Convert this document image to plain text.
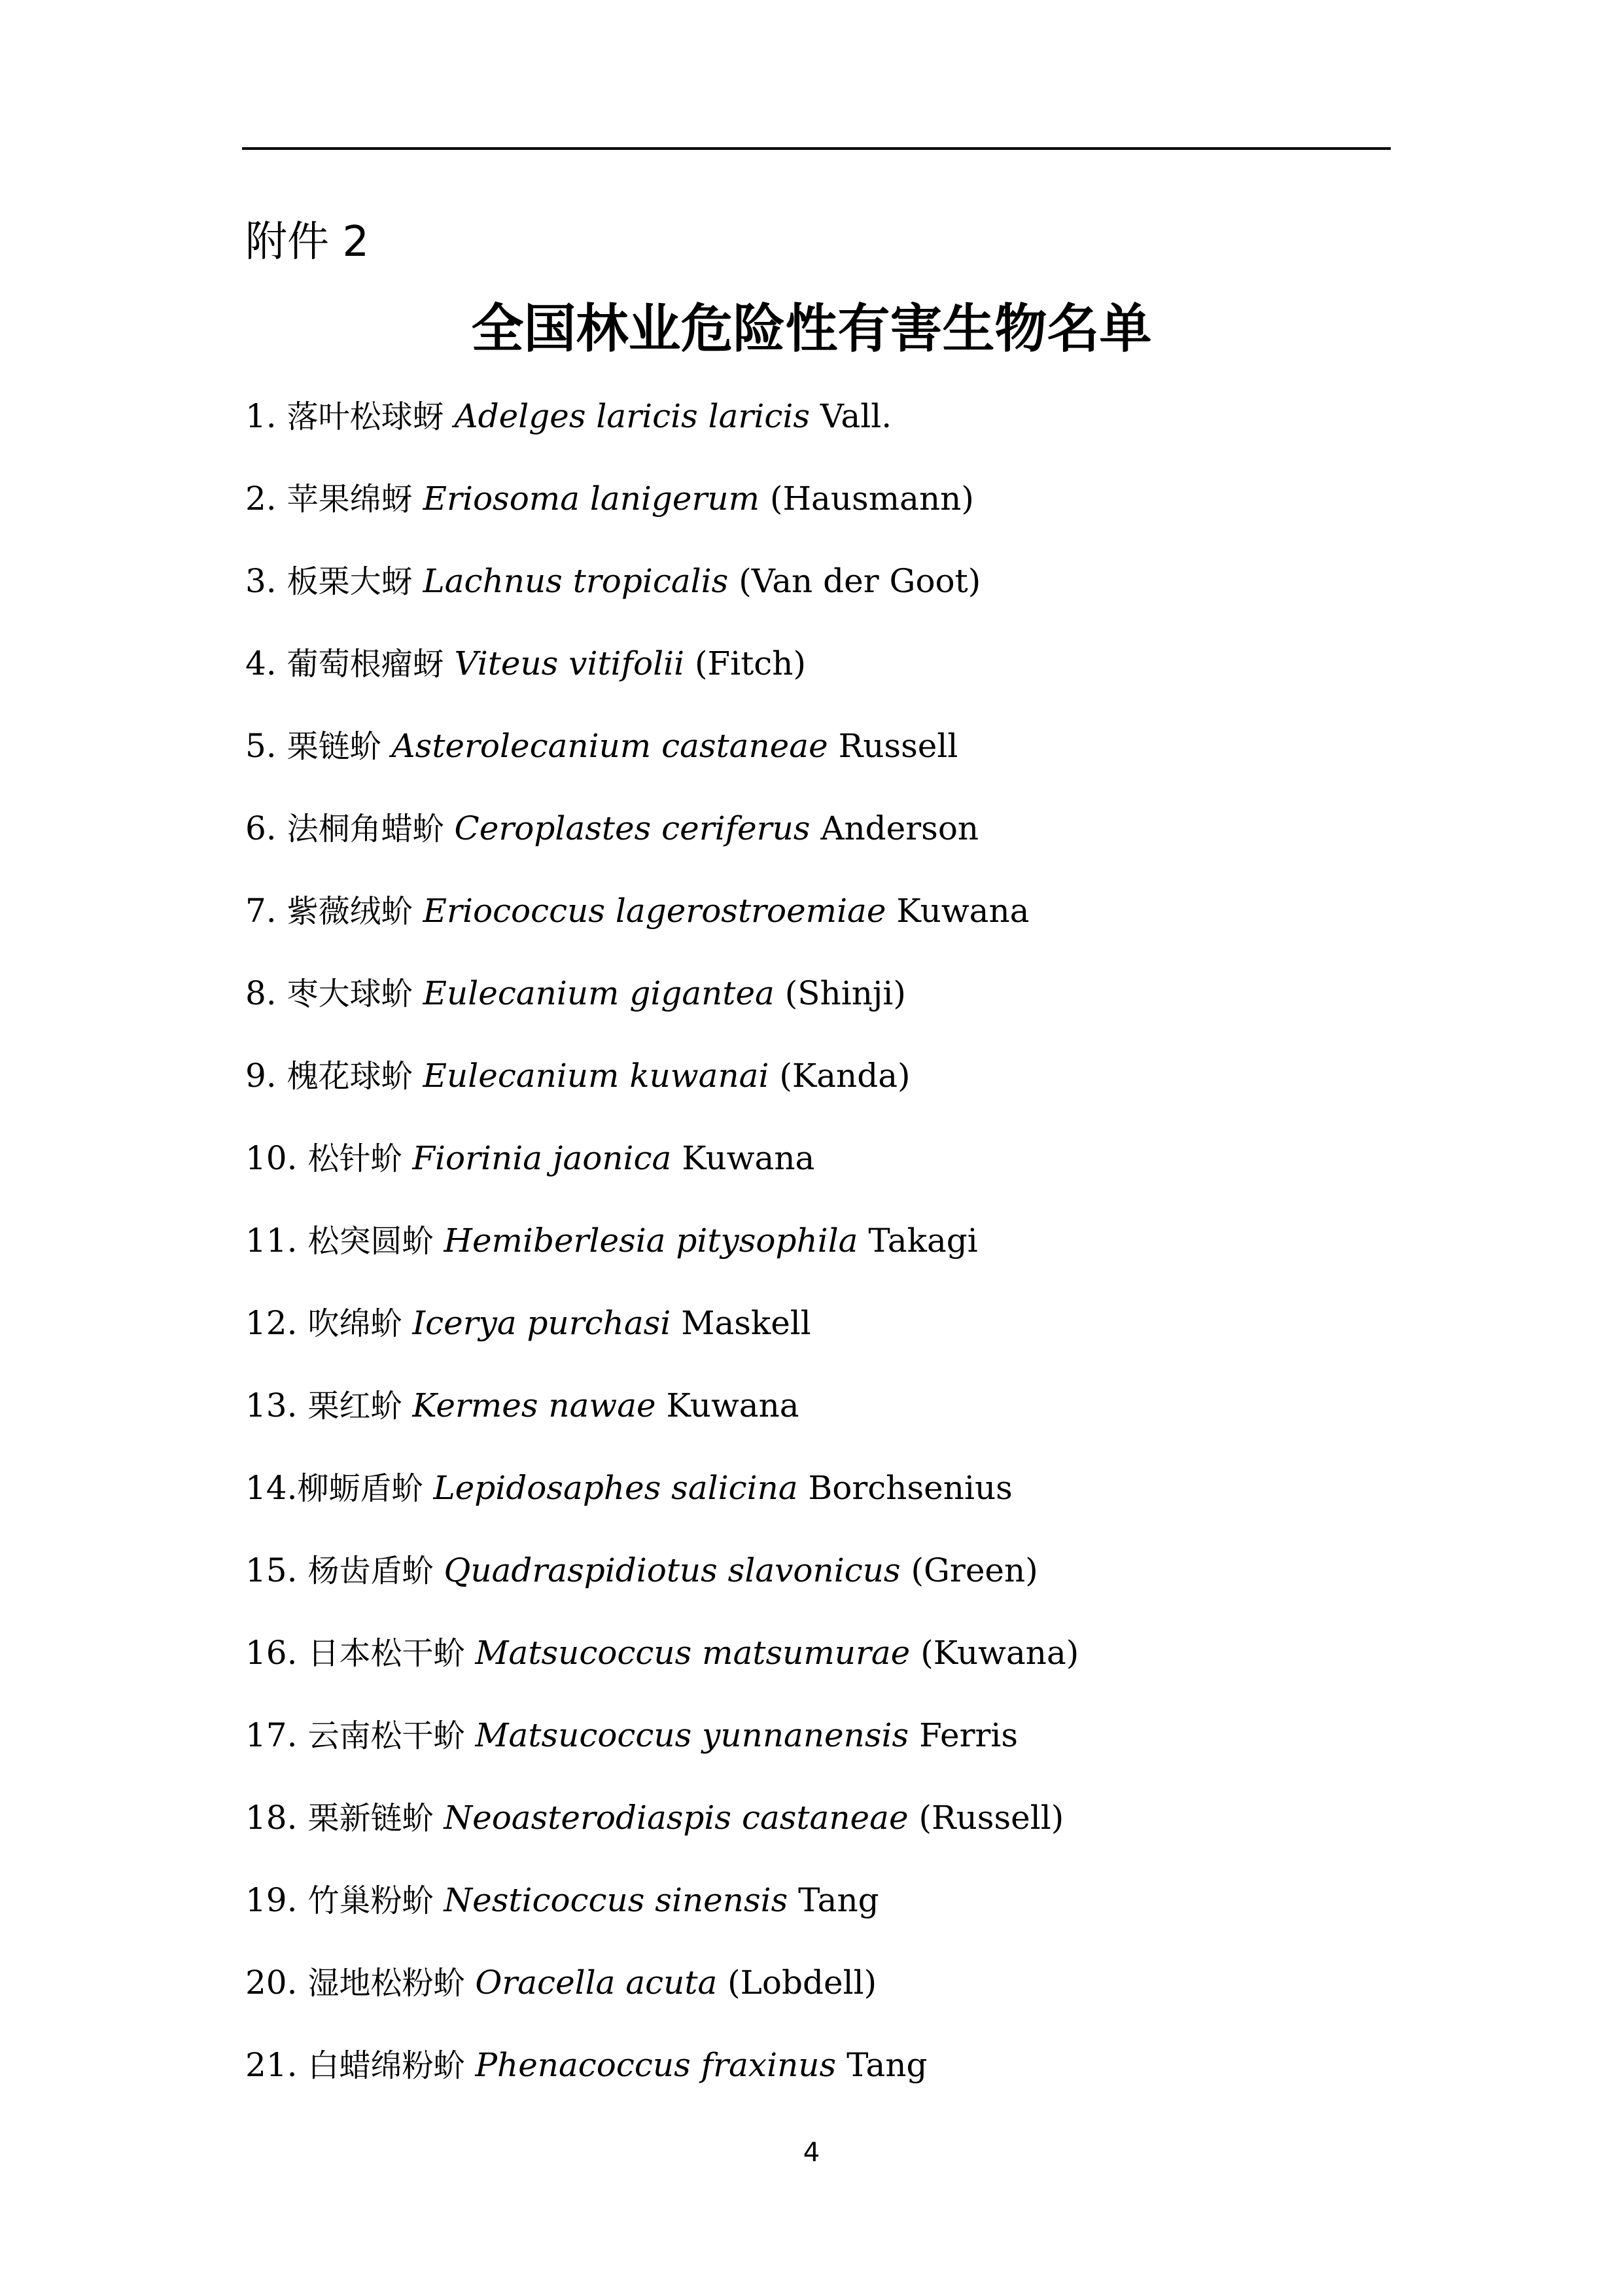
附件 2
全国林业危险性有害生物名单
1. 落叶松球蚜 Adelges laricis laricis Vall.
2. 苹果绵蚜 Eriosoma lanigerum (Hausmann)
3. 板栗大蚜 Lachnus tropicalis (Van der Goot)
4. 葡萄根瘤蚜 Viteus vitifolii (Fitch)
5. 栗链蚧 Asterolecanium castaneae Russell
6. 法桐角蜡蚧 Ceroplastes ceriferus Anderson
7. 紫薇绒蚧 Eriococcus lagerostroemiae Kuwana
8. 枣大球蚧 Eulecanium gigantea (Shinji)
9. 槐花球蚧 Eulecanium kuwanai (Kanda)
10. 松针蚧 Fiorinia jaonica Kuwana
11. 松突圆蚧 Hemiberlesia pitysophila Takagi
12. 吹绵蚧 Icerya purchasi Maskell
13. 栗红蚧 Kermes nawae Kuwana
14.柳蛎盾蚧 Lepidosaphes salicina Borchsenius
15. 杨齿盾蚧 Quadraspidiotus slavonicus (Green)
16. 日本松干蚧 Matsucoccus matsumurae (Kuwana)
17. 云南松干蚧 Matsucoccus yunnanensis Ferris
18. 栗新链蚧 Neoasterodiaspis castaneae (Russell)
19. 竹巢粉蚧 Nesticoccus sinensis Tang
20. 湿地松粉蚧 Oracella acuta (Lobdell)
21. 白蜡绵粉蚧 Phenacoccus fraxinus Tang
4
